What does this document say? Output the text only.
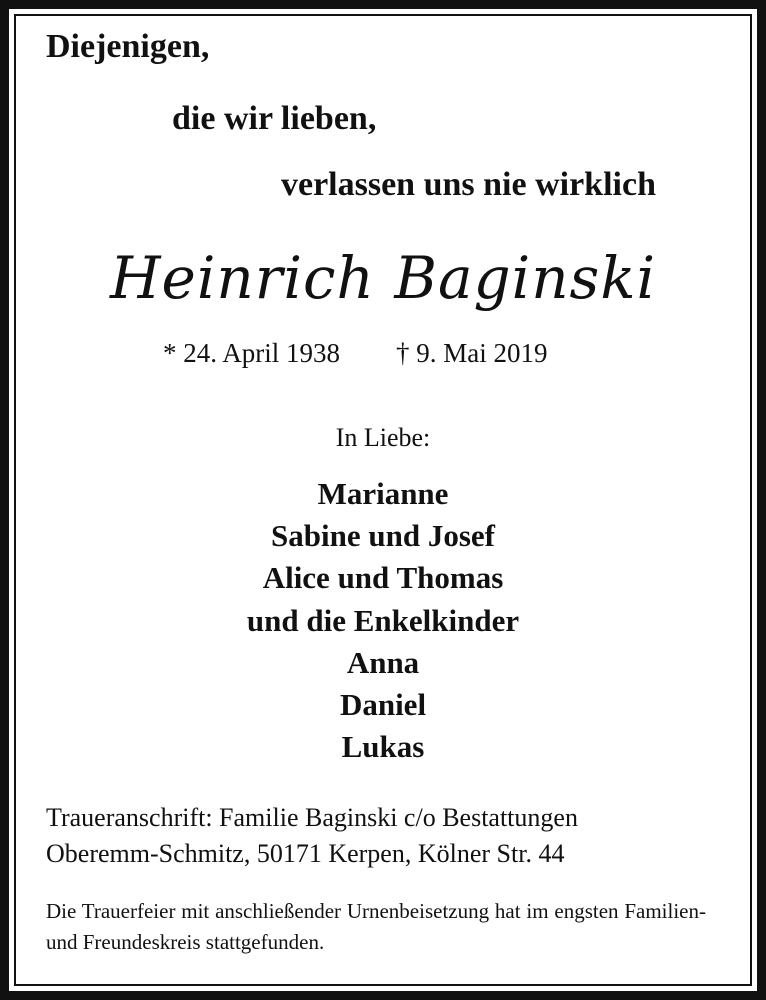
Diejenigen,
die wir lieben,
verlassen uns nie wirklich
Heinrich Baginski
* 24. April 1938 † 9. Mai 2019
In Liebe:
Marianne
Sabine und Josef
Alice und Thomas
und die Enkelkinder
Anna
Daniel
Lukas
Traueranschrift: Familie Baginski c/o Bestattungen
Oberemm-Schmitz, 50171 Kerpen, Kölner Str. 44
Die Trauerfeier mit anschließender Urnenbeisetzung hat im engsten Familien- und Freundeskreis stattgefunden.
